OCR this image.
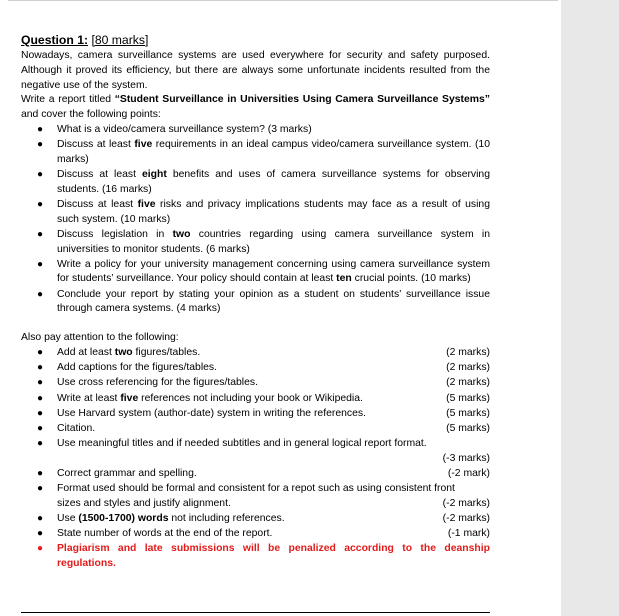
Question 1: [80 marks]

Nowadays, camera surveillance systems are used everywhere for security and safety purposed. Although it proved its efficiency, but there are always some unfortunate incidents resulted from the negative use of the system.

Write a report titled “Student Surveillance in Universities Using Camera Surveillance Systems” and cover the following points:

● What is a video/camera surveillance system? (3 marks)
● Discuss at least five requirements in an ideal campus video/camera surveillance system. (10 marks)
● Discuss at least eight benefits and uses of camera surveillance systems for observing students. (16 marks)
● Discuss at least five risks and privacy implications students may face as a result of using such system. (10 marks)
● Discuss legislation in two countries regarding using camera surveillance system in universities to monitor students. (6 marks)
● Write a policy for your university management concerning using camera surveillance system for students’ surveillance. Your policy should contain at least ten crucial points. (10 marks)
● Conclude your report by stating your opinion as a student on students’ surveillance issue through camera systems. (4 marks)

Also pay attention to the following:

● Add at least two figures/tables.	(2 marks)
● Add captions for the figures/tables.	(2 marks)
● Use cross referencing for the figures/tables.	(2 marks)
● Write at least five references not including your book or Wikipedia.	(5 marks)
● Use Harvard system (author-date) system in writing the references.	(5 marks)
● Citation.	(5 marks)
● Use meaningful titles and if needed subtitles and in general logical report format.
(-3 marks)
● Correct grammar and spelling.	(-2 mark)
● Format used should be formal and consistent for a repot such as using consistent front
sizes and styles and justify alignment.	(-2 marks)
● Use (1500-1700) words not including references.	(-2 marks)
● State number of words at the end of the report.	(-1 mark)
● Plagiarism and late submissions will be penalized according to the deanship regulations.
